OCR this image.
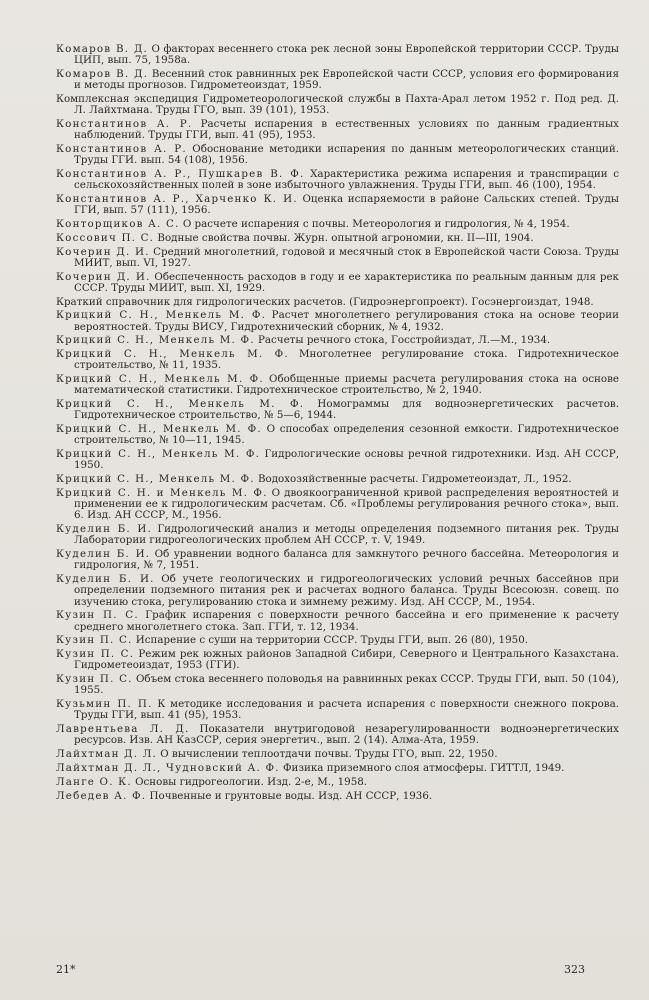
Комаров В. Д. О факторах весеннего стока рек лесной зоны Европейской территории СССР. Труды ЦИП, вып. 75, 1958а.
Комаров В. Д. Весенний сток равнинных рек Европейской части СССР, условия его формирования и методы прогнозов. Гидрометеоиздат, 1959.
Комплексная экспедиция Гидрометеорологической службы в Пахта-Арал летом 1952 г. Под ред. Д. Л. Лайхтмана. Труды ГГО, вып. 39 (101), 1953.
Константинов А. Р. Расчеты испарения в естественных условиях по данным градиентных наблюдений. Труды ГГИ, вып. 41 (95), 1953.
Константинов А. Р. Обоснование методики испарения по данным метеорологических станций. Труды ГГИ. вып. 54 (108), 1956.
Константинов А. Р., Пушкарев В. Ф. Характеристика режима испарения и транспирации с сельскохозяйственных полей в зоне избыточного увлажнения. Труды ГГИ, вып. 46 (100), 1954.
Константинов А. Р., Харченко К. И. Оценка испаряемости в районе Сальских степей. Труды ГГИ, вып. 57 (111), 1956.
Конторщиков А. С. О расчете испарения с почвы. Метеорология и гидрология, № 4, 1954.
Коссович П. С. Водные свойства почвы. Журн. опытной агрономии, кн. II—III, 1904.
Кочерин Д. И. Средний многолетний, годовой и месячный сток в Европейской части Союза. Труды МИИТ, вып. VI, 1927.
Кочерин Д. И. Обеспеченность расходов в году и ее характеристика по реальным данным для рек СССР. Труды МИИТ, вып. XI, 1929.
Краткий справочник для гидрологических расчетов. (Гидроэнергопроект). Госэнергоиздат, 1948.
Крицкий С. Н., Менкель М. Ф. Расчет многолетнего регулирования стока на основе теории вероятностей. Труды ВИСУ, Гидротехнический сборник, № 4, 1932.
Крицкий С. Н., Менкель М. Ф. Расчеты речного стока, Госстройиздат, Л.—М., 1934.
Крицкий С. Н., Менкель М. Ф. Многолетнее регулирование стока. Гидротехническое строительство, № 11, 1935.
Крицкий С. Н., Менкель М. Ф. Обобщенные приемы расчета регулирования стока на основе математической статистики. Гидротехническое строительство, № 2, 1940.
Крицкий С. Н., Менкель М. Ф. Номограммы для водноэнергетических расчетов. Гидротехническое строительство, № 5—6, 1944.
Крицкий С. Н., Менкель М. Ф. О способах определения сезонной емкости. Гидротехническое строительство, № 10—11, 1945.
Крицкий С. Н., Менкель М. Ф. Гидрологические основы речной гидротехники. Изд. АН СССР, 1950.
Крицкий С. Н., Менкель М. Ф. Водохозяйственные расчеты. Гидрометеоиздат, Л., 1952.
Крицкий С. Н. и Менкель М. Ф. О двоякоограниченной кривой распределения вероятностей и применении ее к гидрологическим расчетам. Сб. «Проблемы регулирования речного стока», вып. 6. Изд. АН СССР, М., 1956.
Куделин Б. И. Гидрологический анализ и методы определения подземного питания рек. Труды Лаборатории гидрогеологических проблем АН СССР, т. V, 1949.
Куделин Б. И. Об уравнении водного баланса для замкнутого речного бассейна. Метеорология и гидрология, № 7, 1951.
Куделин Б. И. Об учете геологических и гидрогеологических условий речных бассейнов при определении подземного питания рек и расчетах водного баланса. Труды Всесоюзн. совещ. по изучению стока, регулированию стока и зимнему режиму. Изд. АН СССР, М., 1954.
Кузин П. С. График испарения с поверхности речного бассейна и его применение к расчету среднего многолетнего стока. Зап. ГГИ, т. 12, 1934.
Кузин П. С. Испарение с суши на территории СССР. Труды ГГИ, вып. 26 (80), 1950.
Кузин П. С. Режим рек южных районов Западной Сибири, Северного и Центрального Казахстана. Гидрометеоиздат, 1953 (ГГИ).
Кузин П. С. Объем стока весеннего половодья на равнинных реках СССР. Труды ГГИ, вып. 50 (104), 1955.
Кузьмин П. П. К методике исследования и расчета испарения с поверхности снежного покрова. Труды ГГИ, вып. 41 (95), 1953.
Лаврентьева Л. Д. Показатели внутригодовой незарегулированности водноэнергетических ресурсов. Изв. АН КазССР, серия энергетич., вып. 2 (14). Алма-Ата, 1959.
Лайхтман Д. Л. О вычислении теплоотдачи почвы. Труды ГГО, вып. 22, 1950.
Лайхтман Д. Л., Чудновский А. Ф. Физика приземного слоя атмосферы. ГИТТЛ, 1949.
Ланге О. К. Основы гидрогеологии. Изд. 2-е, М., 1958.
Лебедев А. Ф. Почвенные и грунтовые воды. Изд. АН СССР, 1936.
21*	323
